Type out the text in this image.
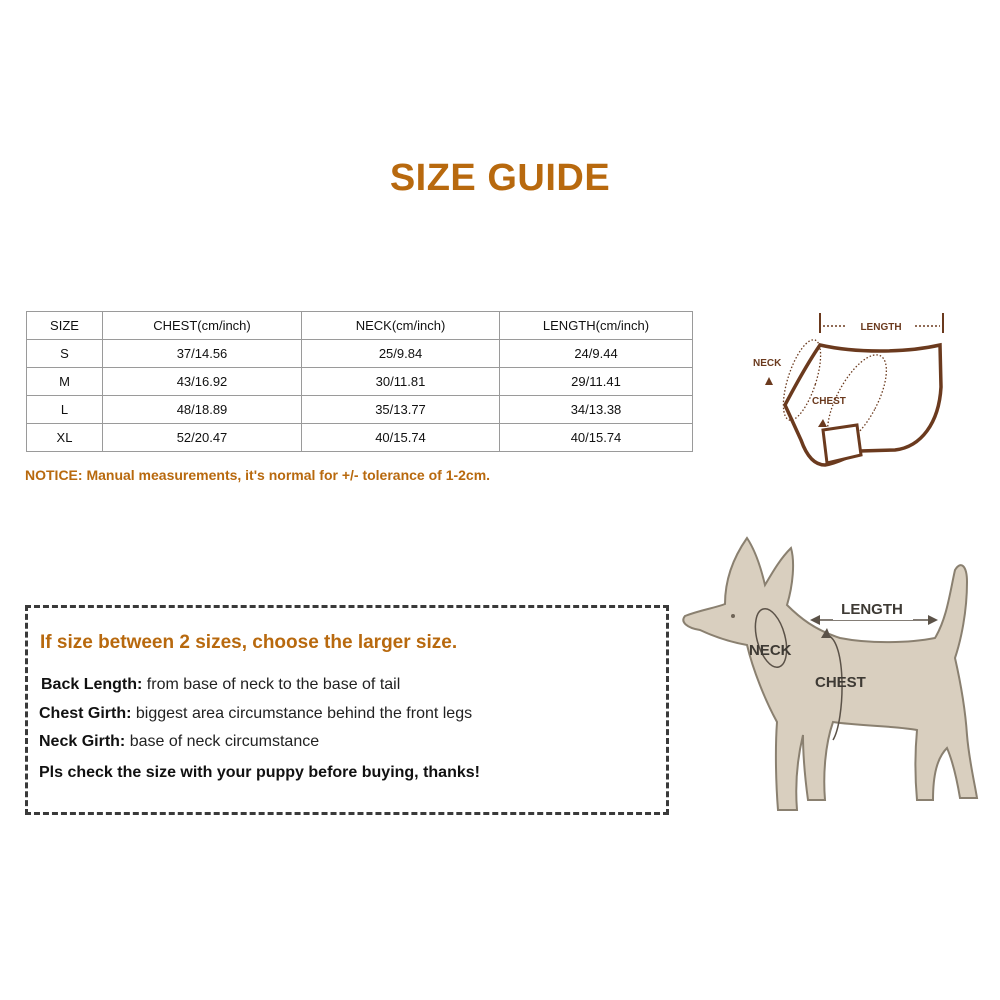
SIZE GUIDE
SIZE	CHEST(cm/inch)	NECK(cm/inch)	LENGTH(cm/inch)
S	37/14.56	25/9.84	24/9.44
M	43/16.92	30/11.81	29/11.41
L	48/18.89	35/13.77	34/13.38
XL	52/20.47	40/15.74	40/15.74
NOTICE: Manual measurements, it's normal for +/- tolerance of 1-2cm.
LENGTH
NECK
CHEST
If size between 2 sizes, choose the larger size.
Back Length: from base of neck to the base of tail
Chest Girth: biggest area circumstance behind the front legs
Neck Girth: base of neck circumstance
Pls check the size with your puppy before buying, thanks!
LENGTH
NECK
CHEST
